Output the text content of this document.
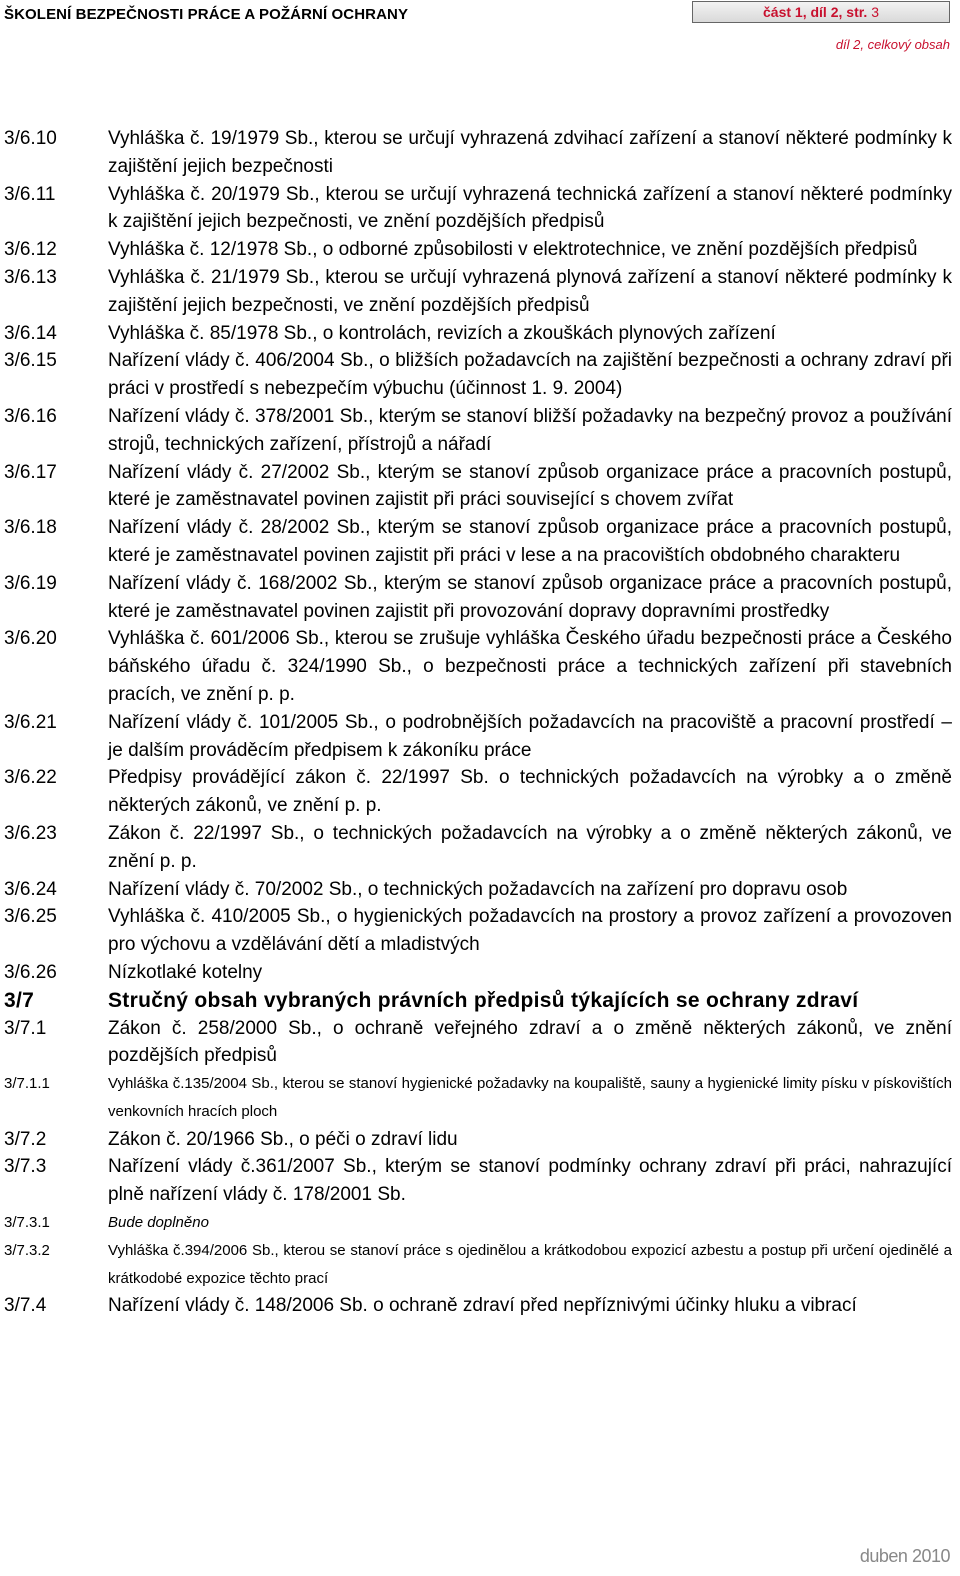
ŠKOLENÍ BEZPEČNOSTI PRÁCE A POŽÁRNÍ OCHRANY	část 1, díl 2, str. 3
díl 2, celkový obsah
3/6.10	Vyhláška č. 19/1979 Sb., kterou se určují vyhrazená zdvihací zařízení a stanoví některé podmínky k zajištění jejich bezpečnosti
3/6.11	Vyhláška č. 20/1979 Sb., kterou se určují vyhrazená technická zařízení a stanoví některé podmínky k zajištění jejich bezpečnosti, ve znění pozdějších předpisů
3/6.12	Vyhláška č. 12/1978 Sb., o odborné způsobilosti v elektrotechnice, ve znění pozdějších předpisů
3/6.13	Vyhláška č. 21/1979 Sb., kterou se určují vyhrazená plynová zařízení a stanoví některé podmínky k zajištění jejich bezpečnosti, ve znění pozdějších předpisů
3/6.14	Vyhláška č. 85/1978 Sb., o kontrolách, revizích a zkouškách plynových zařízení
3/6.15	Nařízení vlády č. 406/2004 Sb., o bližších požadavcích na zajištění bezpečnosti a ochrany zdraví při práci v prostředí s nebezpečím výbuchu (účinnost 1. 9. 2004)
3/6.16	Nařízení vlády č. 378/2001 Sb., kterým se stanoví bližší požadavky na bezpečný provoz a používání strojů, technických zařízení, přístrojů a nářadí
3/6.17	Nařízení vlády č. 27/2002 Sb., kterým se stanoví způsob organizace práce a pracovních postupů, které je zaměstnavatel povinen zajistit při práci související s chovem zvířat
3/6.18	Nařízení vlády č. 28/2002 Sb., kterým se stanoví způsob organizace práce a pracovních postupů, které je zaměstnavatel povinen zajistit při práci v lese a na pracovištích obdobného charakteru
3/6.19	Nařízení vlády č. 168/2002 Sb., kterým se stanoví způsob organizace práce a pracovních postupů, které je zaměstnavatel povinen zajistit při provozování dopravy dopravními prostředky
3/6.20	Vyhláška č. 601/2006 Sb., kterou se zrušuje vyhláška Českého úřadu bezpečnosti práce a Českého báňského úřadu č. 324/1990 Sb., o bezpečnosti práce a technických zařízení při stavebních pracích, ve znění p. p.
3/6.21	Nařízení vlády č. 101/2005 Sb., o podrobnějších požadavcích na pracoviště a pracovní prostředí – je dalším prováděcím předpisem k zákoníku práce
3/6.22	Předpisy provádějící zákon č. 22/1997 Sb. o technických požadavcích na výrobky a o změně některých zákonů, ve znění p. p.
3/6.23	Zákon č. 22/1997 Sb., o technických požadavcích na výrobky a o změně některých zákonů, ve znění p. p.
3/6.24	Nařízení vlády č. 70/2002 Sb., o technických požadavcích na zařízení pro dopravu osob
3/6.25	Vyhláška č. 410/2005 Sb., o hygienických požadavcích na prostory a provoz zařízení a provozoven pro výchovu a vzdělávání dětí a mladistvých
3/6.26	Nízkotlaké kotelny
3/7	Stručný obsah vybraných právních předpisů týkajících se ochrany zdraví
3/7.1	Zákon č. 258/2000 Sb., o ochraně veřejného zdraví a o změně některých zákonů, ve znění pozdějších předpisů
3/7.1.1	Vyhláška č.135/2004 Sb., kterou se stanoví hygienické požadavky na koupaliště, sauny a hygienické limity písku v pískovištích venkovních hracích ploch
3/7.2	Zákon č. 20/1966 Sb., o péči o zdraví lidu
3/7.3	Nařízení vlády č.361/2007 Sb., kterým se stanoví podmínky ochrany zdraví při práci, nahrazující plně nařízení vlády č. 178/2001 Sb.
3/7.3.1	Bude doplněno
3/7.3.2	Vyhláška č.394/2006 Sb., kterou se stanoví práce s ojedinělou a krátkodobou expozicí azbestu a postup při určení ojedinělé a krátkodobé expozice těchto prací
3/7.4	Nařízení vlády č. 148/2006 Sb. o ochraně zdraví před nepříznivými účinky hluku a vibrací
duben 2010
